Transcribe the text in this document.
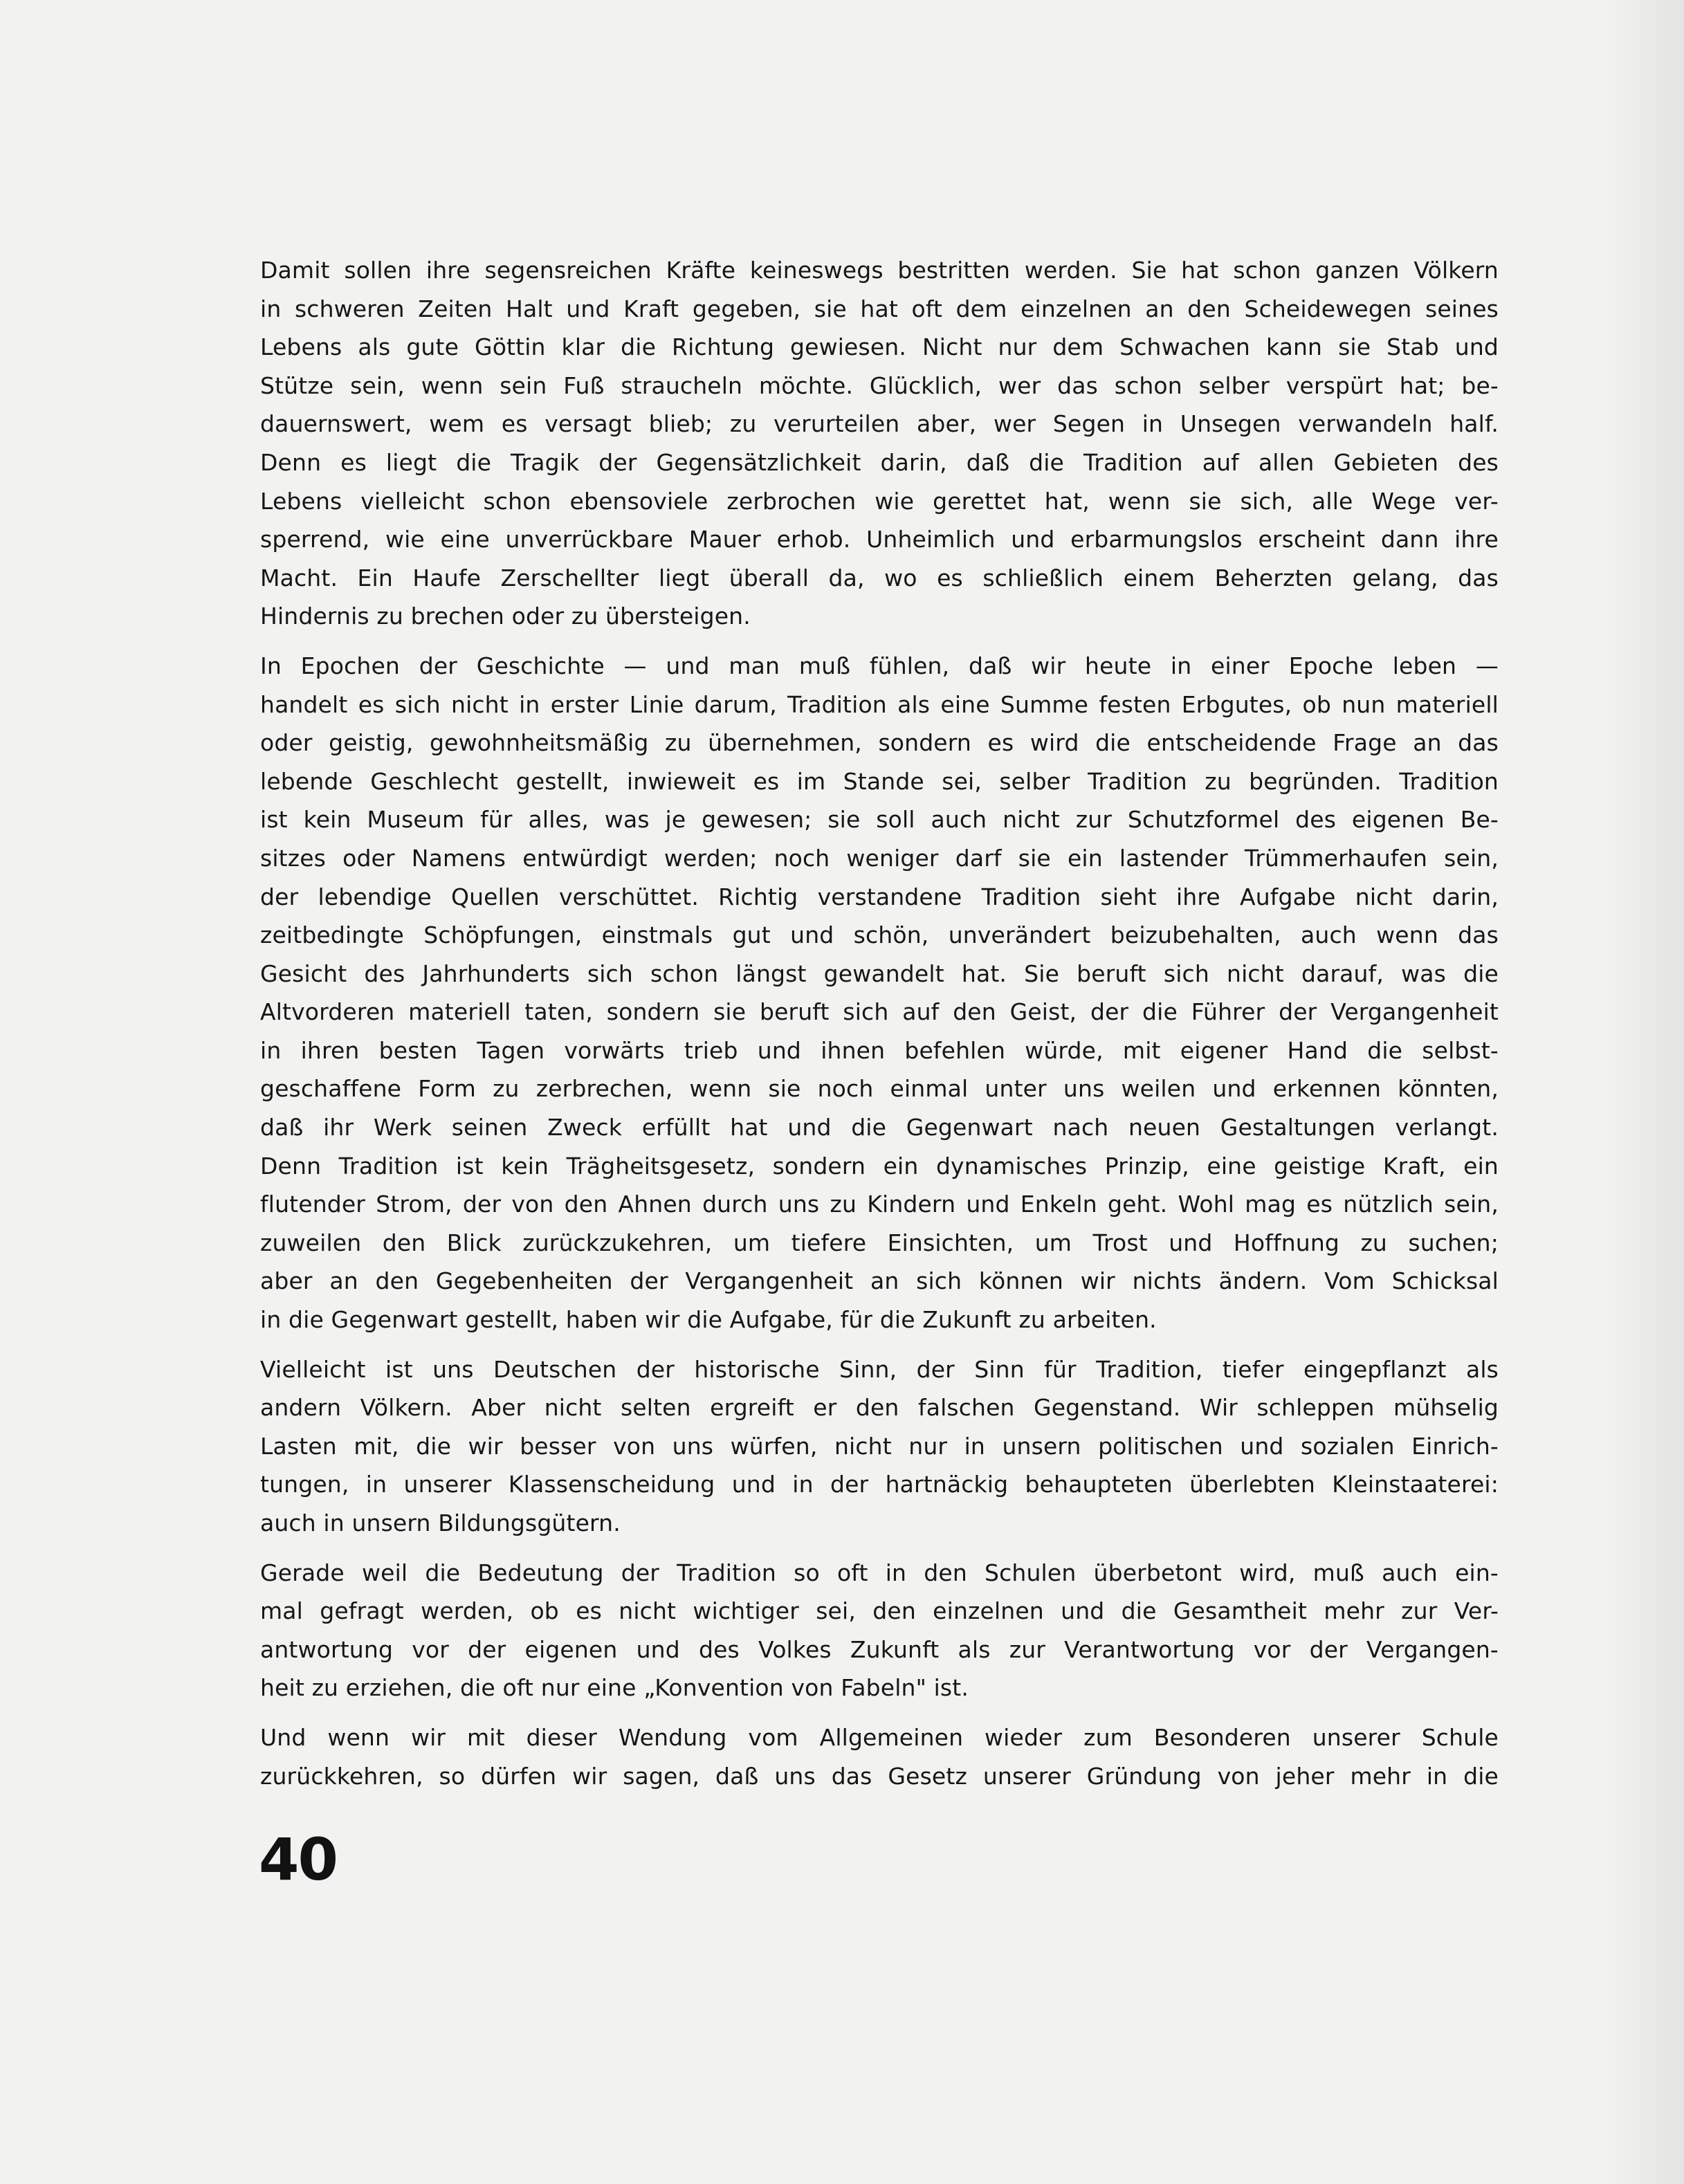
Damit sollen ihre segensreichen Kräfte keineswegs bestritten werden. Sie hat schon ganzen Völkern
in schweren Zeiten Halt und Kraft gegeben, sie hat oft dem einzelnen an den Scheidewegen seines
Lebens als gute Göttin klar die Richtung gewiesen. Nicht nur dem Schwachen kann sie Stab und
Stütze sein, wenn sein Fuß straucheln möchte. Glücklich, wer das schon selber verspürt hat; be-
dauernswert, wem es versagt blieb; zu verurteilen aber, wer Segen in Unsegen verwandeln half.
Denn es liegt die Tragik der Gegensätzlichkeit darin, daß die Tradition auf allen Gebieten des
Lebens vielleicht schon ebensoviele zerbrochen wie gerettet hat, wenn sie sich, alle Wege ver-
sperrend, wie eine unverrückbare Mauer erhob. Unheimlich und erbarmungslos erscheint dann ihre
Macht. Ein Haufe Zerschellter liegt überall da, wo es schließlich einem Beherzten gelang, das
Hindernis zu brechen oder zu übersteigen.
In Epochen der Geschichte — und man muß fühlen, daß wir heute in einer Epoche leben —
handelt es sich nicht in erster Linie darum, Tradition als eine Summe festen Erbgutes, ob nun materiell
oder geistig, gewohnheitsmäßig zu übernehmen, sondern es wird die entscheidende Frage an das
lebende Geschlecht gestellt, inwieweit es im Stande sei, selber Tradition zu begründen. Tradition
ist kein Museum für alles, was je gewesen; sie soll auch nicht zur Schutzformel des eigenen Be-
sitzes oder Namens entwürdigt werden; noch weniger darf sie ein lastender Trümmerhaufen sein,
der lebendige Quellen verschüttet. Richtig verstandene Tradition sieht ihre Aufgabe nicht darin,
zeitbedingte Schöpfungen, einstmals gut und schön, unverändert beizubehalten, auch wenn das
Gesicht des Jahrhunderts sich schon längst gewandelt hat. Sie beruft sich nicht darauf, was die
Altvorderen materiell taten, sondern sie beruft sich auf den Geist, der die Führer der Vergangenheit
in ihren besten Tagen vorwärts trieb und ihnen befehlen würde, mit eigener Hand die selbst-
geschaffene Form zu zerbrechen, wenn sie noch einmal unter uns weilen und erkennen könnten,
daß ihr Werk seinen Zweck erfüllt hat und die Gegenwart nach neuen Gestaltungen verlangt.
Denn Tradition ist kein Trägheitsgesetz, sondern ein dynamisches Prinzip, eine geistige Kraft, ein
flutender Strom, der von den Ahnen durch uns zu Kindern und Enkeln geht. Wohl mag es nützlich sein,
zuweilen den Blick zurückzukehren, um tiefere Einsichten, um Trost und Hoffnung zu suchen;
aber an den Gegebenheiten der Vergangenheit an sich können wir nichts ändern. Vom Schicksal
in die Gegenwart gestellt, haben wir die Aufgabe, für die Zukunft zu arbeiten.
Vielleicht ist uns Deutschen der historische Sinn, der Sinn für Tradition, tiefer eingepflanzt als
andern Völkern. Aber nicht selten ergreift er den falschen Gegenstand. Wir schleppen mühselig
Lasten mit, die wir besser von uns würfen, nicht nur in unsern politischen und sozialen Einrich-
tungen, in unserer Klassenscheidung und in der hartnäckig behaupteten überlebten Kleinstaaterei:
auch in unsern Bildungsgütern.
Gerade weil die Bedeutung der Tradition so oft in den Schulen überbetont wird, muß auch ein-
mal gefragt werden, ob es nicht wichtiger sei, den einzelnen und die Gesamtheit mehr zur Ver-
antwortung vor der eigenen und des Volkes Zukunft als zur Verantwortung vor der Vergangen-
heit zu erziehen, die oft nur eine „Konvention von Fabeln" ist.
Und wenn wir mit dieser Wendung vom Allgemeinen wieder zum Besonderen unserer Schule
zurückkehren, so dürfen wir sagen, daß uns das Gesetz unserer Gründung von jeher mehr in die
40
